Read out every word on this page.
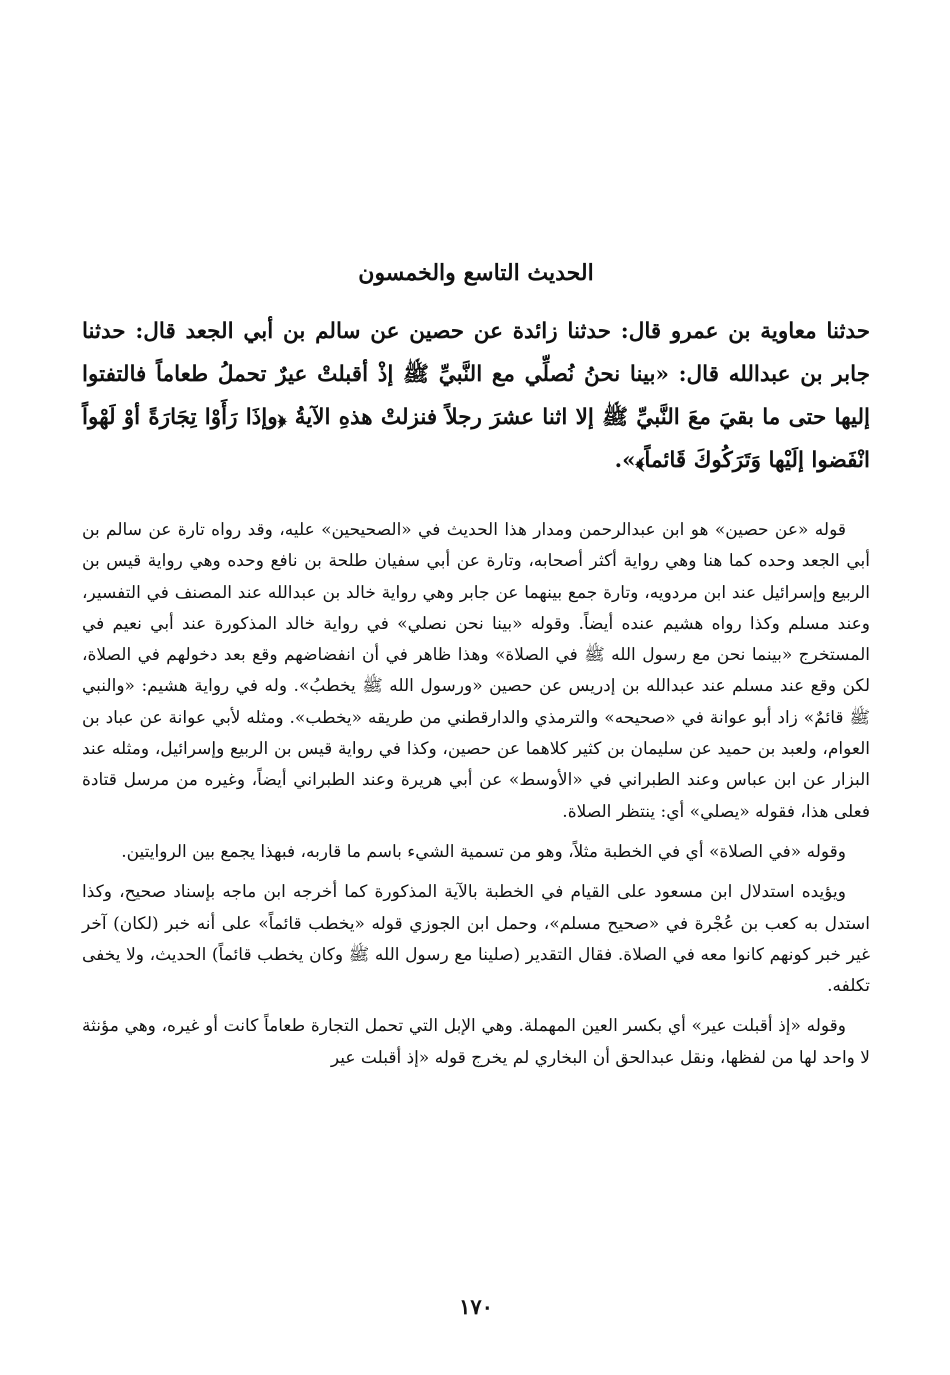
الحديث التاسع والخمسون
حدثنا معاوية بن عمرو قال: حدثنا زائدة عن حصين عن سالم بن أبي الجعد قال: حدثنا جابر بن عبدالله قال: «بينا نحنُ نُصلِّي مع النَّبيِّ ﷺ إذْ أقبلتْ عيرٌ تحملُ طعاماً فالتفتوا إليها حتى ما بقيَ معَ النَّبيِّ ﷺ إلا اثنا عشرَ رجلاً فنزلتْ هذهِ الآيةُ ﴿وإذَا رَأَوْا تِجَارَةً أوْ لَهْواً انْفَضوا إلَيْها وَتَرَكُوكَ قَائماً﴾».

قوله «عن حصين» هو ابن عبدالرحمن ومدار هذا الحديث في «الصحيحين» عليه، وقد رواه تارة عن سالم بن أبي الجعد وحده كما هنا وهي رواية أكثر أصحابه، وتارة عن أبي سفيان طلحة بن نافع وحده وهي رواية قيس بن الربيع وإسرائيل عند ابن مردويه، وتارة جمع بينهما عن جابر وهي رواية خالد بن عبدالله عند المصنف في التفسير، وعند مسلم وكذا رواه هشيم عنده أيضاً. وقوله «بينا نحن نصلي» في رواية خالد المذكورة عند أبي نعيم في المستخرج «بينما نحن مع رسول الله ﷺ في الصلاة» وهذا ظاهر في أن انفضاضهم وقع بعد دخولهم في الصلاة، لكن وقع عند مسلم عند عبدالله بن إدريس عن حصين «ورسول الله ﷺ يخطبُ». وله في رواية هشيم: «والنبي ﷺ قائمٌ» زاد أبو عوانة في «صحيحه» والترمذي والدارقطني من طريقه «يخطب». ومثله لأبي عوانة عن عباد بن العوام، ولعبد بن حميد عن سليمان بن كثير كلاهما عن حصين، وكذا في رواية قيس بن الربيع وإسرائيل، ومثله عند البزار عن ابن عباس وعند الطبراني في «الأوسط» عن أبي هريرة وعند الطبراني أيضاً، وغيره من مرسل قتادة فعلى هذا، فقوله «يصلي» أي: ينتظر الصلاة.

وقوله «في الصلاة» أي في الخطبة مثلاً، وهو من تسمية الشيء باسم ما قاربه، فبهذا يجمع بين الروايتين.

ويؤيده استدلال ابن مسعود على القيام في الخطبة بالآية المذكورة كما أخرجه ابن ماجه بإسناد صحيح، وكذا استدل به كعب بن عُجْرة في «صحيح مسلم»، وحمل ابن الجوزي قوله «يخطب قائماً» على أنه خبر (لكان) آخر غير خبر كونهم كانوا معه في الصلاة. فقال التقدير (صلينا مع رسول الله ﷺ وكان يخطب قائماً) الحديث، ولا يخفى تكلفه.

وقوله «إذ أقبلت عير» أي بكسر العين المهملة. وهي الإبل التي تحمل التجارة طعاماً كانت أو غيره، وهي مؤنثة لا واحد لها من لفظها، ونقل عبدالحق أن البخاري لم يخرج قوله «إذ أقبلت عير

١٧٠
